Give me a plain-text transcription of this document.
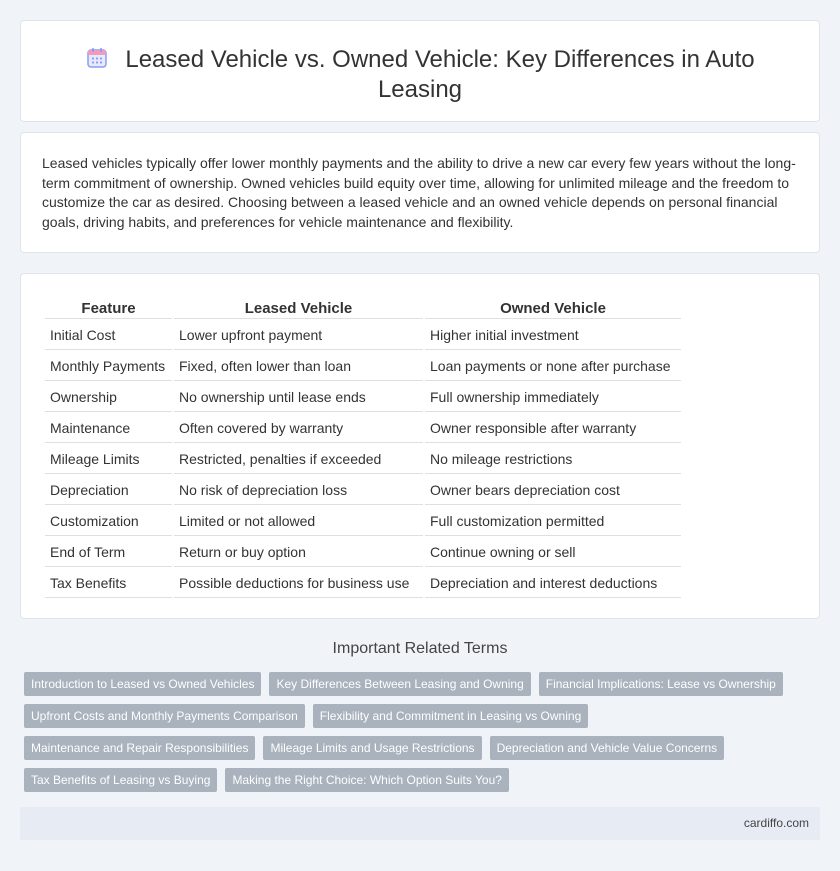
Leased Vehicle vs. Owned Vehicle: Key Differences in Auto Leasing

Leased vehicles typically offer lower monthly payments and the ability to drive a new car every few years without the long-term commitment of ownership. Owned vehicles build equity over time, allowing for unlimited mileage and the freedom to customize the car as desired. Choosing between a leased vehicle and an owned vehicle depends on personal financial goals, driving habits, and preferences for vehicle maintenance and flexibility.

Feature	Leased Vehicle	Owned Vehicle
Initial Cost	Lower upfront payment	Higher initial investment
Monthly Payments	Fixed, often lower than loan	Loan payments or none after purchase
Ownership	No ownership until lease ends	Full ownership immediately
Maintenance	Often covered by warranty	Owner responsible after warranty
Mileage Limits	Restricted, penalties if exceeded	No mileage restrictions
Depreciation	No risk of depreciation loss	Owner bears depreciation cost
Customization	Limited or not allowed	Full customization permitted
End of Term	Return or buy option	Continue owning or sell
Tax Benefits	Possible deductions for business use	Depreciation and interest deductions
Important Related Terms
Introduction to Leased vs Owned Vehicles	Key Differences Between Leasing and Owning	Financial Implications: Lease vs Ownership
Upfront Costs and Monthly Payments Comparison	Flexibility and Commitment in Leasing vs Owning
Maintenance and Repair Responsibilities	Mileage Limits and Usage Restrictions	Depreciation and Vehicle Value Concerns
Tax Benefits of Leasing vs Buying	Making the Right Choice: Which Option Suits You?
cardiffo.com
